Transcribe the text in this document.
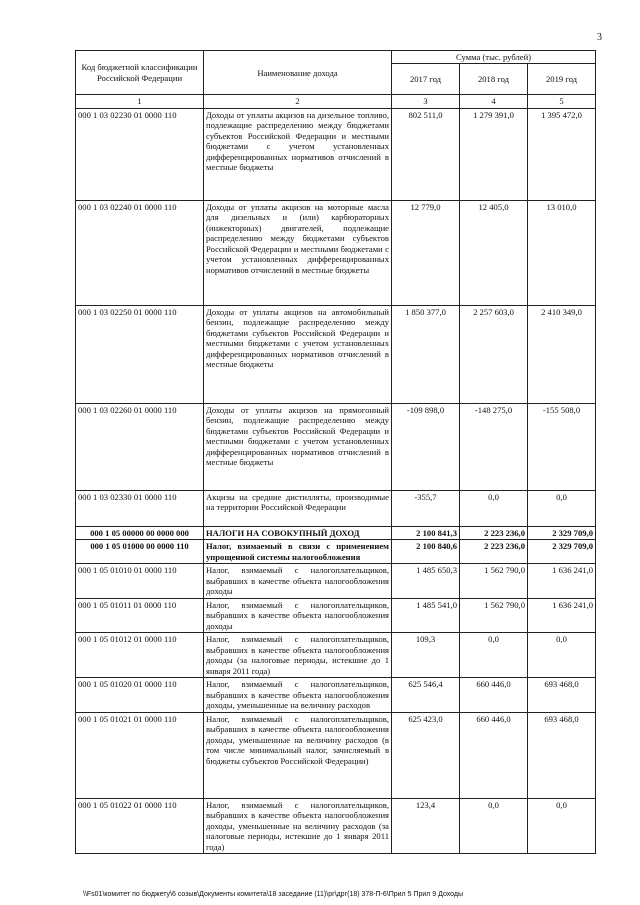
3
Код бюджетной классификации Российской Федерации	Наименование дохода	Сумма (тыс. рублей)		
		2017 год	2018 год	2019 год
1	2	3	4	5
000 1 03 02230 01 0000 110	Доходы от уплаты акцизов на дизельное топливо, подлежащие распределению между бюджетами субъектов Российской Федерации и местными бюджетами с учетом установленных дифференцированных нормативов отчислений в местные бюджеты	802 511,0	1 279 391,0	1 395 472,0
000 1 03 02240 01 0000 110	Доходы от уплаты акцизов на моторные масла для дизельных и (или) карбюраторных (инжекторных) двигателей, подлежащие распределению между бюджетами субъектов Российской Федерации и местными бюджетами с учетом установленных дифференцированных нормативов отчислений в местные бюджеты	12 779,0	12 405,0	13 010,0
000 1 03 02250 01 0000 110	Доходы от уплаты акцизов на автомобильный бензин, подлежащие распределению между бюджетами субъектов Российской Федерации и местными бюджетами с учетом установленных дифференцированных нормативов отчислений в местные бюджеты	1 850 377,0	2 257 603,0	2 410 349,0
000 1 03 02260 01 0000 110	Доходы от уплаты акцизов на прямогонный бензин, подлежащие распределению между бюджетами субъектов Российской Федерации и местными бюджетами с учетом установленных дифференцированных нормативов отчислений в местные бюджеты	-109 898,0	-148 275,0	-155 508,0
000 1 03 02330 01 0000 110	Акцизы на средние дистилляты, производимые на территории Российской Федерации	-355,7	0,0	0,0
000 1 05 00000 00 0000 000	НАЛОГИ НА СОВОКУПНЫЙ ДОХОД	2 100 841,3	2 223 236,0	2 329 709,0
000 1 05 01000 00 0000 110	Налог, взимаемый в связи с применением упрощенной системы налогообложения	2 100 840,6	2 223 236,0	2 329 709,0
000 1 05 01010 01 0000 110	Налог, взимаемый с налогоплательщиков, выбравших в качестве объекта налогообложения доходы	1 485 650,3	1 562 790,0	1 636 241,0
000 1 05 01011 01 0000 110	Налог, взимаемый с налогоплательщиков, выбравших в качестве объекта налогообложения доходы	1 485 541,0	1 562 790,0	1 636 241,0
000 1 05 01012 01 0000 110	Налог, взимаемый с налогоплательщиков, выбравших в качестве объекта налогообложения доходы (за налоговые периоды, истекшие до 1 января 2011 года)	109,3	0,0	0,0
000 1 05 01020 01 0000 110	Налог, взимаемый с налогоплательщиков, выбравших в качестве объекта налогообложения доходы, уменьшенные на величину расходов	625 546,4	660 446,0	693 468,0
000 1 05 01021 01 0000 110	Налог, взимаемый с налогоплательщиков, выбравших в качестве объекта налогообложения доходы, уменьшенные на величину расходов (в том числе минимальный налог, зачисляемый в бюджеты субъектов Российской Федерации)	625 423,0	660 446,0	693 468,0
000 1 05 01022 01 0000 110	Налог, взимаемый с налогоплательщиков, выбравших в качестве объекта налогообложения доходы, уменьшенные на величину расходов (за налоговые периоды, истекшие до 1 января 2011 года)	123,4	0,0	0,0
\\Fs01\комитет по бюджету\6 созыв\Документы комитета\18 заседание (11)\рг\дрг(18) 378-П-6\Прил 5 Прил 9 Доходы
